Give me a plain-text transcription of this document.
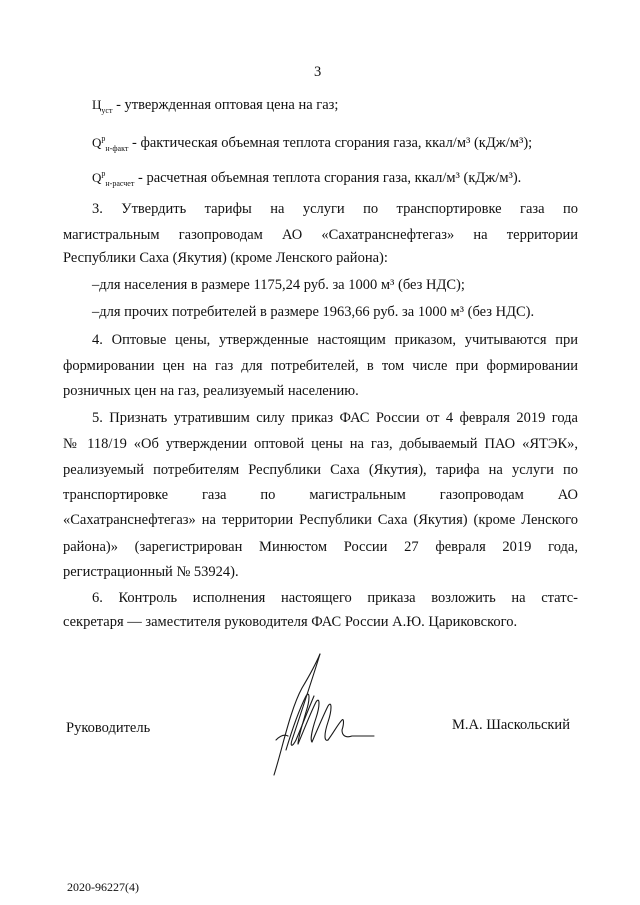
3
$Ц_{уст}$ - утвержденная оптовая цена на газ;
$Q^р_{н-факт}$ - фактическая объемная теплота сгорания газа, ккал/м³ (кДж/м³);
$Q^р_{н-расчет}$ - расчетная объемная теплота сгорания газа, ккал/м³ (кДж/м³).
3. Утвердить тарифы на услуги по транспортировке газа по
магистральным газопроводам АО «Сахатранснефтегаз» на территории
Республики Саха (Якутия) (кроме Ленского района):
–для населения в размере 1175,24 руб. за 1000 м³ (без НДС);
–для прочих потребителей в размере 1963,66 руб. за 1000 м³ (без НДС).
4. Оптовые цены, утвержденные настоящим приказом, учитываются при
формировании цен на газ для потребителей, в том числе при формировании
розничных цен на газ, реализуемый населению.
5. Признать утратившим силу приказ ФАС России от 4 февраля 2019 года
№ 118/19 «Об утверждении оптовой цены на газ, добываемый ПАО «ЯТЭК»,
реализуемый потребителям Республики Саха (Якутия), тарифа на услуги по
транспортировке газа по магистральным газопроводам АО
«Сахатранснефтегаз» на территории Республики Саха (Якутия) (кроме Ленского
района)» (зарегистрирован Минюстом России 27 февраля 2019 года,
регистрационный № 53924).
6. Контроль исполнения настоящего приказа возложить на статс-
секретаря — заместителя руководителя ФАС России А.Ю. Цариковского.
Руководитель	М.А. Шаскольский
2020-96227(4)
